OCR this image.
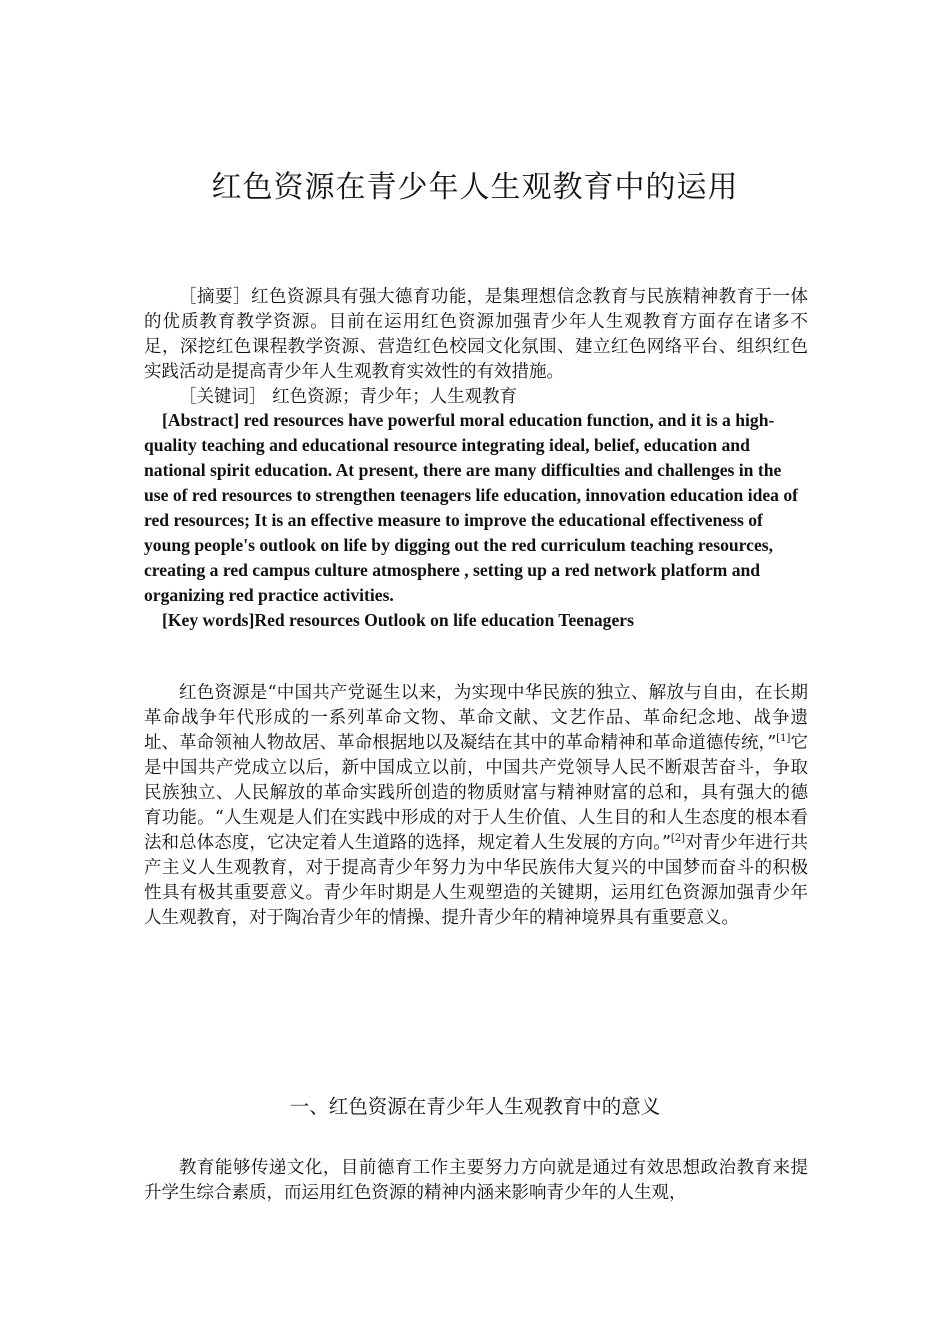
红色资源在青少年人生观教育中的运用
［摘要］红色资源具有强大德育功能，是集理想信念教育与民族精神教育于一体的优质教育教学资源。目前在运用红色资源加强青少年人生观教育方面存在诸多不足，深挖红色课程教学资源、营造红色校园文化氛围、建立红色网络平台、组织红色实践活动是提高青少年人生观教育实效性的有效措施。
［关键词］ 红色资源；青少年；人生观教育
[Abstract] red resources have powerful moral education function, and it is a high-quality teaching and educational resource integrating ideal, belief, education and national spirit education. At present, there are many difficulties and challenges in the use of red resources to strengthen teenagers life education, innovation education idea of red resources; It is an effective measure to improve the educational effectiveness of young people's outlook on life by digging out the red curriculum teaching resources, creating a red campus culture atmosphere , setting up a red network platform and organizing red practice activities.
[Key words]Red resources Outlook on life education Teenagers
红色资源是“中国共产党诞生以来，为实现中华民族的独立、解放与自由，在长期革命战争年代形成的一系列革命文物、革命文献、文艺作品、革命纪念地、战争遗址、革命领袖人物故居、革命根据地以及凝结在其中的革命精神和革命道德传统，”[1]它是中国共产党成立以后，新中国成立以前，中国共产党领导人民不断艰苦奋斗，争取民族独立、人民解放的革命实践所创造的物质财富与精神财富的总和，具有强大的德育功能。“人生观是人们在实践中形成的对于人生价值、人生目的和人生态度的根本看法和总体态度，它决定着人生道路的选择，规定着人生发展的方向。”[2]对青少年进行共产主义人生观教育，对于提高青少年努力为中华民族伟大复兴的中国梦而奋斗的积极性具有极其重要意义。青少年时期是人生观塑造的关键期，运用红色资源加强青少年人生观教育，对于陶冶青少年的情操、提升青少年的精神境界具有重要意义。
一、红色资源在青少年人生观教育中的意义
教育能够传递文化，目前德育工作主要努力方向就是通过有效思想政治教育来提升学生综合素质，而运用红色资源的精神内涵来影响青少年的人生观，
